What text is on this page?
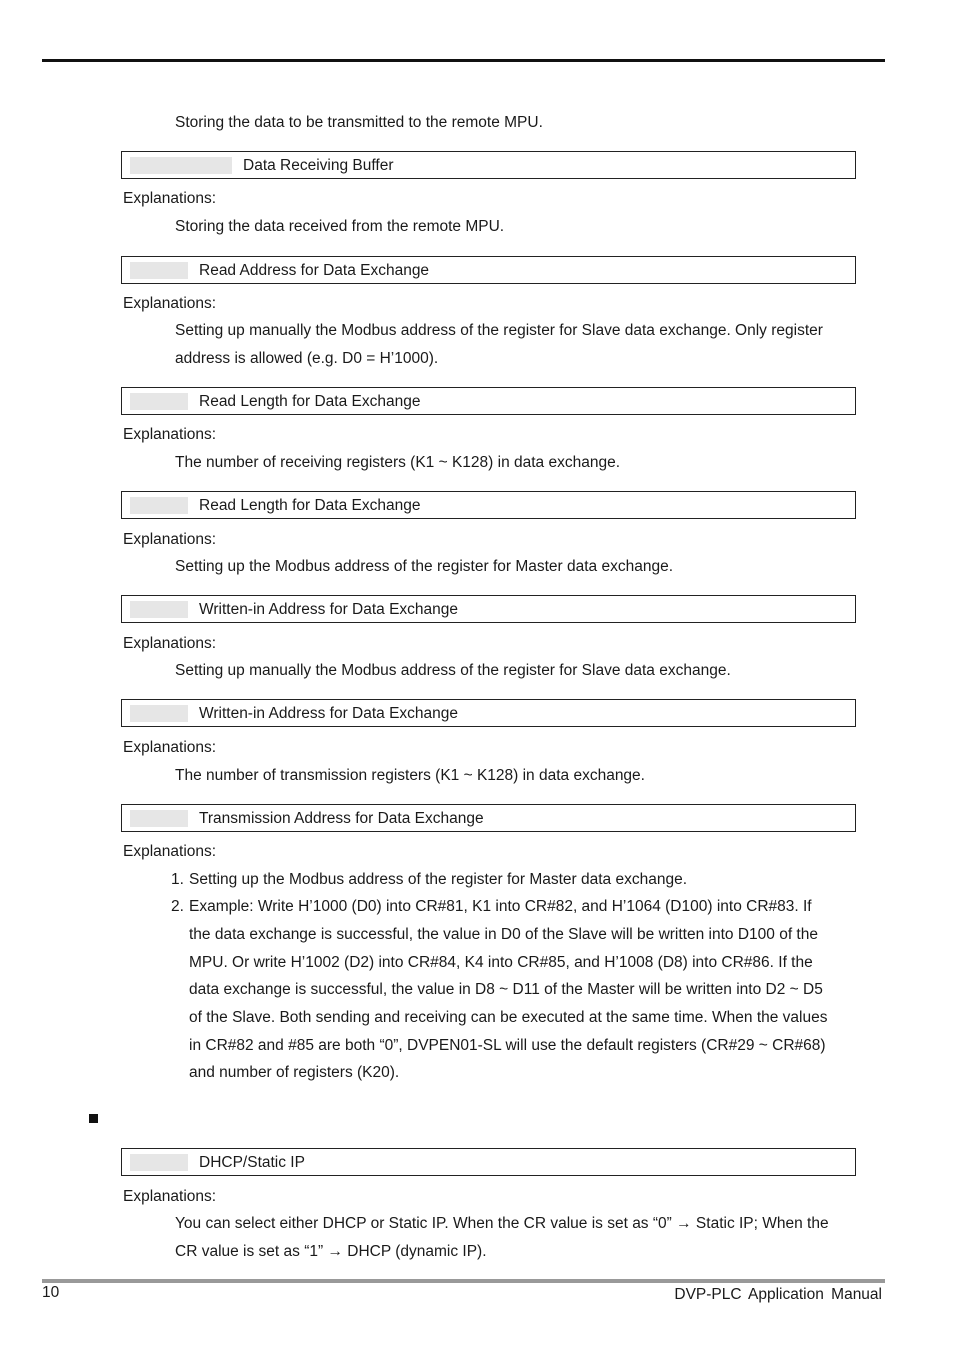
Storing the data to be transmitted to the remote MPU.
Data Receiving Buffer
Explanations:
Storing the data received from the remote MPU.
Read Address for Data Exchange
Explanations:
Setting up manually the Modbus address of the register for Slave data exchange. Only register
address is allowed (e.g. D0 = H’1000).
Read Length for Data Exchange
Explanations:
The number of receiving registers (K1 ~ K128) in data exchange.
Read Length for Data Exchange
Explanations:
Setting up the Modbus address of the register for Master data exchange.
Written-in Address for Data Exchange
Explanations:
Setting up manually the Modbus address of the register for Slave data exchange.
Written-in Address for Data Exchange
Explanations:
The number of transmission registers (K1 ~ K128) in data exchange.
Transmission Address for Data Exchange
Explanations:
1. Setting up the Modbus address of the register for Master data exchange.
2. Example: Write H’1000 (D0) into CR#81, K1 into CR#82, and H’1064 (D100) into CR#83. If
the data exchange is successful, the value in D0 of the Slave will be written into D100 of the
MPU. Or write H’1002 (D2) into CR#84, K4 into CR#85, and H’1008 (D8) into CR#86. If the
data exchange is successful, the value in D8 ~ D11 of the Master will be written into D2 ~ D5
of the Slave. Both sending and receiving can be executed at the same time. When the values
in CR#82 and #85 are both “0”, DVPEN01-SL will use the default registers (CR#29 ~ CR#68)
and number of registers (K20).
DHCP/Static IP
Explanations:
You can select either DHCP or Static IP. When the CR value is set as “0” → Static IP; When the
CR value is set as “1” → DHCP (dynamic IP).
10	DVP-PLC Application Manual
